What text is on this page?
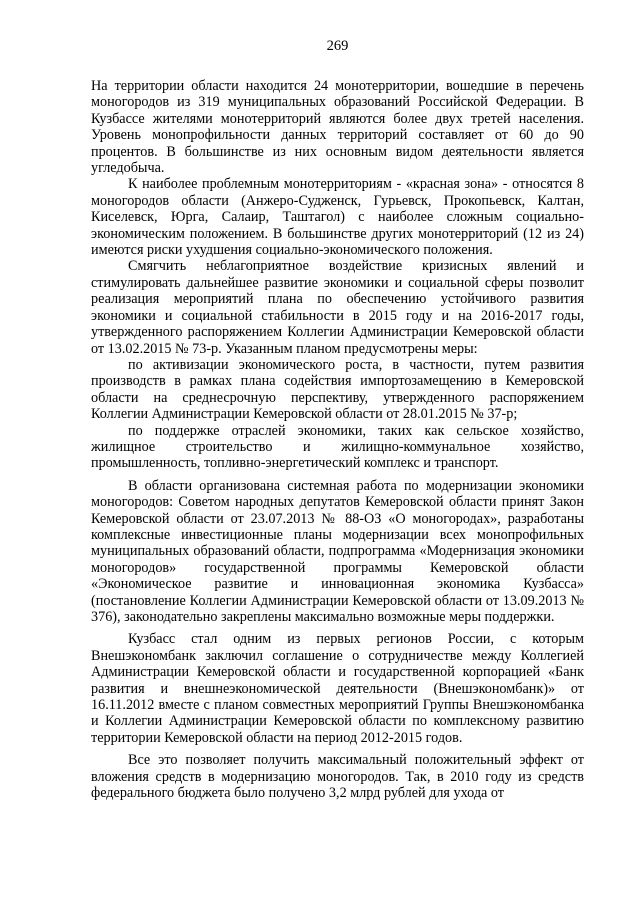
269

На территории области находится 24 монотерритории, вошедшие в перечень моногородов из 319 муниципальных образований Российской Федерации. В Кузбассе жителями монотерриторий являются более двух третей населения. Уровень монопрофильности данных территорий составляет от 60 до 90 процентов. В большинстве из них основным видом деятельности является угледобыча.

К наиболее проблемным монотерриториям - «красная зона» - относятся 8 моногородов области (Анжеро-Судженск, Гурьевск, Прокопьевск, Калтан, Киселевск, Юрга, Салаир, Таштагол) с наиболее сложным социально-экономическим положением. В большинстве других монотерриторий (12 из 24) имеются риски ухудшения социально-экономического положения.

Смягчить неблагоприятное воздействие кризисных явлений и стимулировать дальнейшее развитие экономики и социальной сферы позволит реализация мероприятий плана по обеспечению устойчивого развития экономики и социальной стабильности в 2015 году и на 2016-2017 годы, утвержденного распоряжением Коллегии Администрации Кемеровской области от 13.02.2015 № 73-р. Указанным планом предусмотрены меры:

по активизации экономического роста, в частности, путем развития производств в рамках плана содействия импортозамещению в Кемеровской области на среднесрочную перспективу, утвержденного распоряжением Коллегии Администрации Кемеровской области от 28.01.2015 № 37-р;

по поддержке отраслей экономики, таких как сельское хозяйство, жилищное строительство и жилищно-коммунальное хозяйство, промышленность, топливно-энергетический комплекс и транспорт.

В области организована системная работа по модернизации экономики моногородов: Советом народных депутатов Кемеровской области принят Закон Кемеровской области от 23.07.2013 № 88-ОЗ «О моногородах», разработаны комплексные инвестиционные планы модернизации всех монопрофильных муниципальных образований области, подпрограмма «Модернизация экономики моногородов» государственной программы Кемеровской области «Экономическое развитие и инновационная экономика Кузбасса» (постановление Коллегии Администрации Кемеровской области от 13.09.2013 № 376), законодательно закреплены максимально возможные меры поддержки.

Кузбасс стал одним из первых регионов России, с которым Внешэкономбанк заключил соглашение о сотрудничестве между Коллегией Администрации Кемеровской области и государственной корпорацией «Банк развития и внешнеэкономической деятельности (Внешэкономбанк)» от 16.11.2012 вместе с планом совместных мероприятий Группы Внешэкономбанка и Коллегии Администрации Кемеровской области по комплексному развитию территории Кемеровской области на период 2012-2015 годов.

Все это позволяет получить максимальный положительный эффект от вложения средств в модернизацию моногородов. Так, в 2010 году из средств федерального бюджета было получено 3,2 млрд рублей для ухода от
